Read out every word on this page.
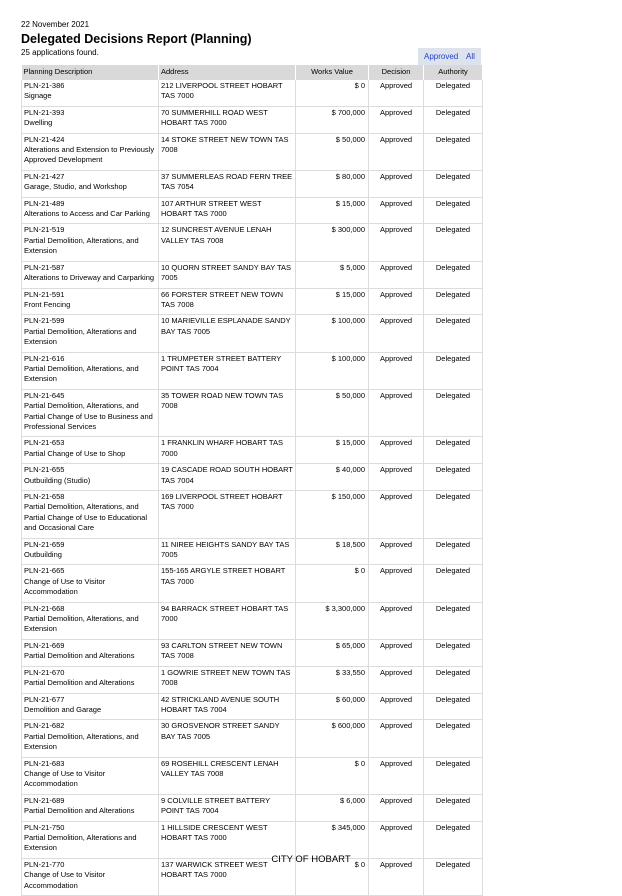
22 November 2021
Delegated Decisions Report (Planning)
25 applications found.	Approved All
Planning Description	Address	Works Value	Decision	Authority

PLN-21-386
Signage	212 LIVERPOOL STREET HOBART TAS 7000	$ 0	Approved	Delegated

PLN-21-393
Dwelling	70 SUMMERHILL ROAD WEST HOBART TAS 7000	$ 700,000	Approved	Delegated

PLN-21-424
Alterations and Extension to Previously Approved Development	14 STOKE STREET NEW TOWN TAS 7008	$ 50,000	Approved	Delegated

PLN-21-427
Garage, Studio, and Workshop	37 SUMMERLEAS ROAD FERN TREE TAS 7054	$ 80,000	Approved	Delegated

PLN-21-489
Alterations to Access and Car Parking	107 ARTHUR STREET WEST HOBART TAS 7000	$ 15,000	Approved	Delegated

PLN-21-519
Partial Demolition, Alterations, and Extension	12 SUNCREST AVENUE LENAH VALLEY TAS 7008	$ 300,000	Approved	Delegated

PLN-21-587
Alterations to Driveway and Carparking	10 QUORN STREET SANDY BAY TAS 7005	$ 5,000	Approved	Delegated

PLN-21-591
Front Fencing	66 FORSTER STREET NEW TOWN TAS 7008	$ 15,000	Approved	Delegated

PLN-21-599
Partial Demolition, Alterations and Extension	10 MARIEVILLE ESPLANADE SANDY BAY TAS 7005	$ 100,000	Approved	Delegated

PLN-21-616
Partial Demolition, Alterations, and Extension	1 TRUMPETER STREET BATTERY POINT TAS 7004	$ 100,000	Approved	Delegated

PLN-21-645
Partial Demolition, Alterations, and Partial Change of Use to Business and Professional Services	35 TOWER ROAD NEW TOWN TAS 7008	$ 50,000	Approved	Delegated

PLN-21-653
Partial Change of Use to Shop	1 FRANKLIN WHARF HOBART TAS 7000	$ 15,000	Approved	Delegated

PLN-21-655
Outbuilding (Studio)	19 CASCADE ROAD SOUTH HOBART TAS 7004	$ 40,000	Approved	Delegated

PLN-21-658
Partial Demolition, Alterations, and Partial Change of Use to Educational and Occasional Care	169 LIVERPOOL STREET HOBART TAS 7000	$ 150,000	Approved	Delegated

PLN-21-659
Outbuilding	11 NIREE HEIGHTS SANDY BAY TAS 7005	$ 18,500	Approved	Delegated

PLN-21-665
Change of Use to Visitor Accommodation	155-165 ARGYLE STREET HOBART TAS 7000	$ 0	Approved	Delegated

PLN-21-668
Partial Demolition, Alterations, and Extension	94 BARRACK STREET HOBART TAS 7000	$ 3,300,000	Approved	Delegated

PLN-21-669
Partial Demolition and Alterations	93 CARLTON STREET NEW TOWN TAS 7008	$ 65,000	Approved	Delegated

PLN-21-670
Partial Demolition and Alterations	1 GOWRIE STREET NEW TOWN TAS 7008	$ 33,550	Approved	Delegated

PLN-21-677
Demolition and Garage	42 STRICKLAND AVENUE SOUTH HOBART TAS 7004	$ 60,000	Approved	Delegated

PLN-21-682
Partial Demolition, Alterations, and Extension	30 GROSVENOR STREET SANDY BAY TAS 7005	$ 600,000	Approved	Delegated

PLN-21-683
Change of Use to Visitor Accommodation	69 ROSEHILL CRESCENT LENAH VALLEY TAS 7008	$ 0	Approved	Delegated

PLN-21-689
Partial Demolition and Alterations	9 COLVILLE STREET BATTERY POINT TAS 7004	$ 6,000	Approved	Delegated

PLN-21-750
Partial Demolition, Alterations and Extension	1 HILLSIDE CRESCENT WEST HOBART TAS 7000	$ 345,000	Approved	Delegated

PLN-21-770
Change of Use to Visitor Accommodation	137 WARWICK STREET WEST HOBART TAS 7000	$ 0	Approved	Delegated
CITY OF HOBART
